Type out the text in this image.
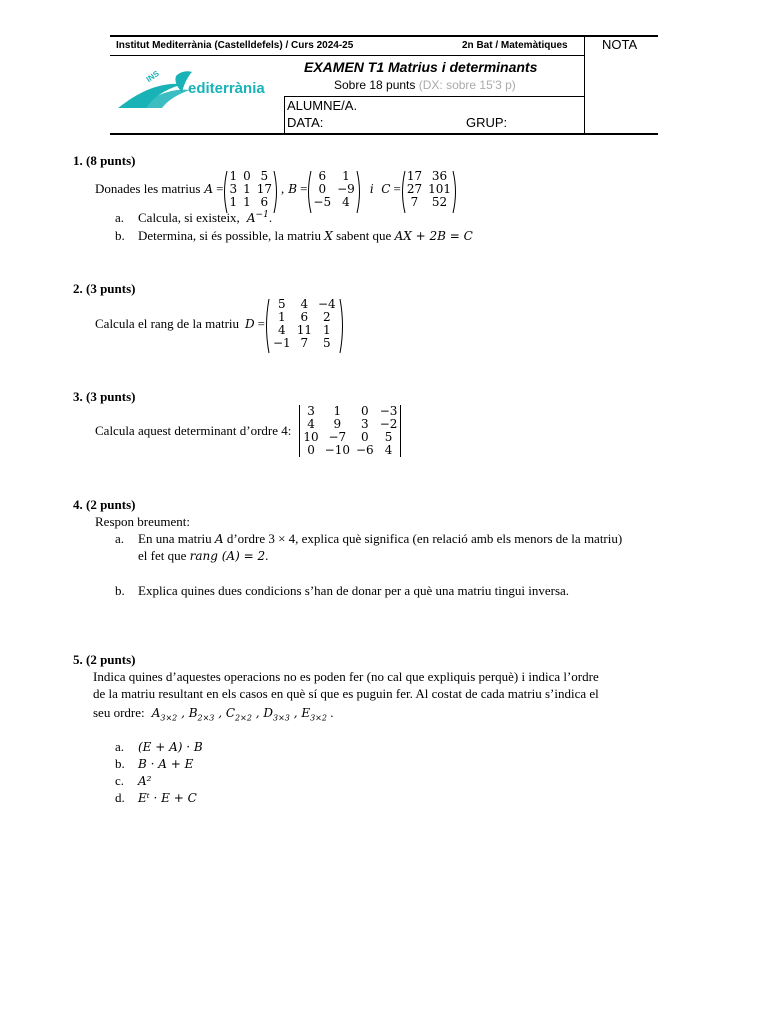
Institut Mediterrània (Castelldefels) / Curs 2024-25	2n Bat / Matemàtiques	NOTA
INS
editerrània
EXAMEN T1 Matrius i determinants
Sobre 18 punts (DX: sobre 15'3 p)
ALUMNE/A.
DATA:	GRUP:
1. (8 punts)
Donades les matrius A =
1	0	5
3	1	17
1	1	6
, B =
6	1
0	−9
−5	4
i  C =
17	36
27	101
7	52
a. Calcula, si existeix,  $A^{-1}$.
b. Determina, si és possible, la matriu X sabent que AX + 2B = C
2. (3 punts)
Calcula el rang de la matriu D =
5	4	−4
1	6	2
4	11	1
−1	7	5
3. (3 punts)
Calcula aquest determinant d’ordre 4:
3	1	0	−3
4	9	3	−2
10	−7	0	5
0	−10	−6	4
4. (2 punts)
Respon breument:
a. En una matriu A d’ordre 3 × 4, explica què significa (en relació amb els menors de la matriu)
el fet que rang (A) = 2.
b. Explica quines dues condicions s’han de donar per a què una matriu tingui inversa.
5. (2 punts)
Indica quines d’aquestes operacions no es poden fer (no cal que expliquis perquè) i indica l’ordre
de la matriu resultant en els casos en què sí que es puguin fer. Al costat de cada matriu s’indica el
seu ordre:  $A_{3\times 2}$ , $B_{2\times 3}$ , $C_{2\times 2}$ , $D_{3\times 3}$ , $E_{3\times 2}$ .
a. (E + A) · B
b. B · A + E
c. A²
d. Eᵗ · E + C
